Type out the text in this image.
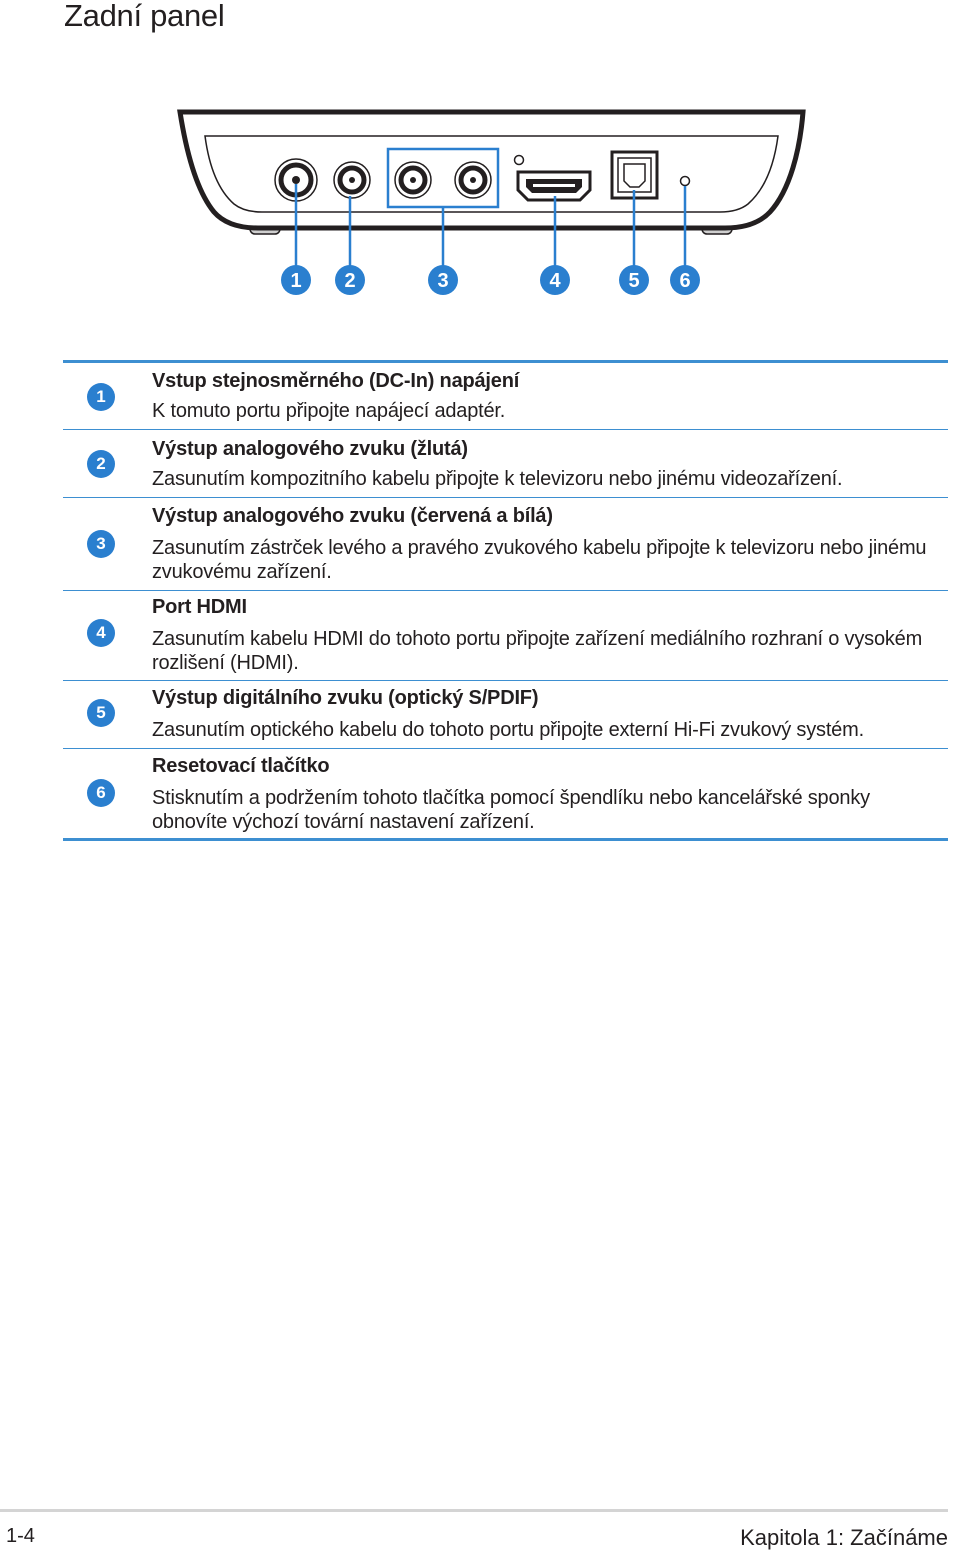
Zadní panel
1 2	3	4	5 6
1
Vstup stejnosměrného (DC-In) napájení
K tomuto portu připojte napájecí adaptér.
2
Výstup analogového zvuku (žlutá)
Zasunutím kompozitního kabelu připojte k televizoru nebo jinému videozařízení.
3
Výstup analogového zvuku (červená a bílá)
Zasunutím zástrček levého a pravého zvukového kabelu připojte k televizoru nebo jinému zvukovému zařízení.
4
Port HDMI
Zasunutím kabelu HDMI do tohoto portu připojte zařízení mediálního rozhraní o vysokém rozlišení (HDMI).
5
Výstup digitálního zvuku (optický S/PDIF)
Zasunutím optického kabelu do tohoto portu připojte externí Hi-Fi zvukový systém.
6
Resetovací tlačítko
Stisknutím a podržením tohoto tlačítka pomocí špendlíku nebo kancelářské sponky obnovíte výchozí tovární nastavení zařízení.
1-4	Kapitola 1: Začínáme
